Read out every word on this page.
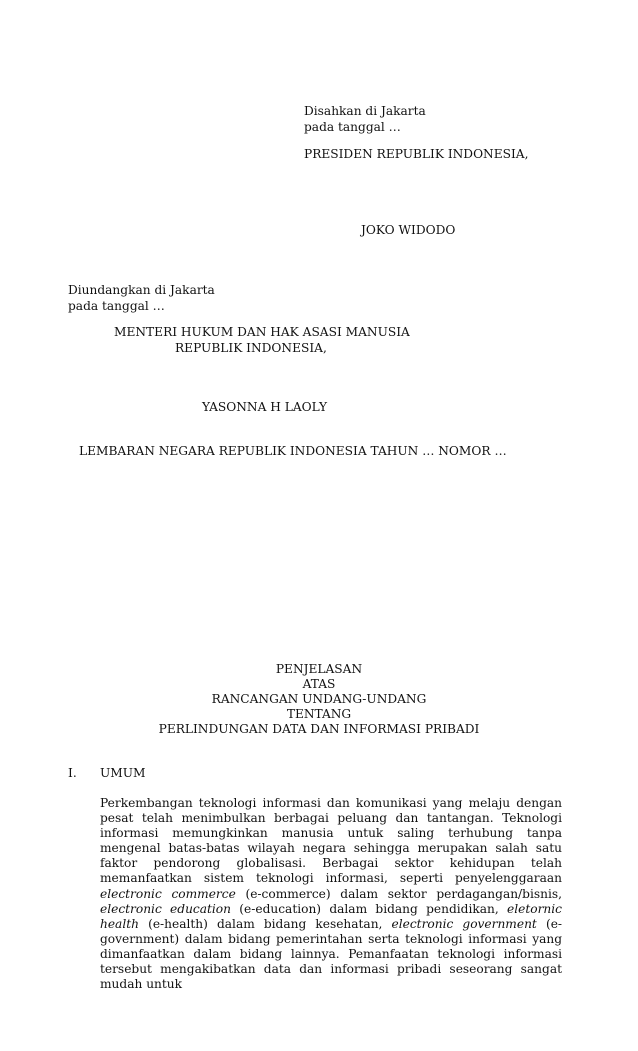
Disahkan di Jakarta
pada tanggal …
PRESIDEN REPUBLIK INDONESIA,
JOKO WIDODO
Diundangkan di Jakarta
pada tanggal …
MENTERI HUKUM DAN HAK ASASI MANUSIA
REPUBLIK INDONESIA,
YASONNA H LAOLY
LEMBARAN NEGARA REPUBLIK INDONESIA TAHUN … NOMOR …
PENJELASAN
ATAS
RANCANGAN UNDANG-UNDANG
TENTANG
PERLINDUNGAN DATA DAN INFORMASI PRIBADI
I. UMUM
Perkembangan teknologi informasi dan komunikasi yang melaju dengan pesat telah menimbulkan berbagai peluang dan tantangan. Teknologi informasi memungkinkan manusia untuk saling terhubung tanpa mengenal batas-batas wilayah negara sehingga merupakan salah satu faktor pendorong globalisasi. Berbagai sektor kehidupan telah memanfaatkan sistem teknologi informasi, seperti penyelenggaraan electronic commerce (e-commerce) dalam sektor perdagangan/bisnis, electronic education (e-education) dalam bidang pendidikan, eletornic health (e-health) dalam bidang kesehatan, electronic government (e-government) dalam bidang pemerintahan serta teknologi informasi yang dimanfaatkan dalam bidang lainnya. Pemanfaatan teknologi informasi tersebut mengakibatkan data dan informasi pribadi seseorang sangat mudah untuk
